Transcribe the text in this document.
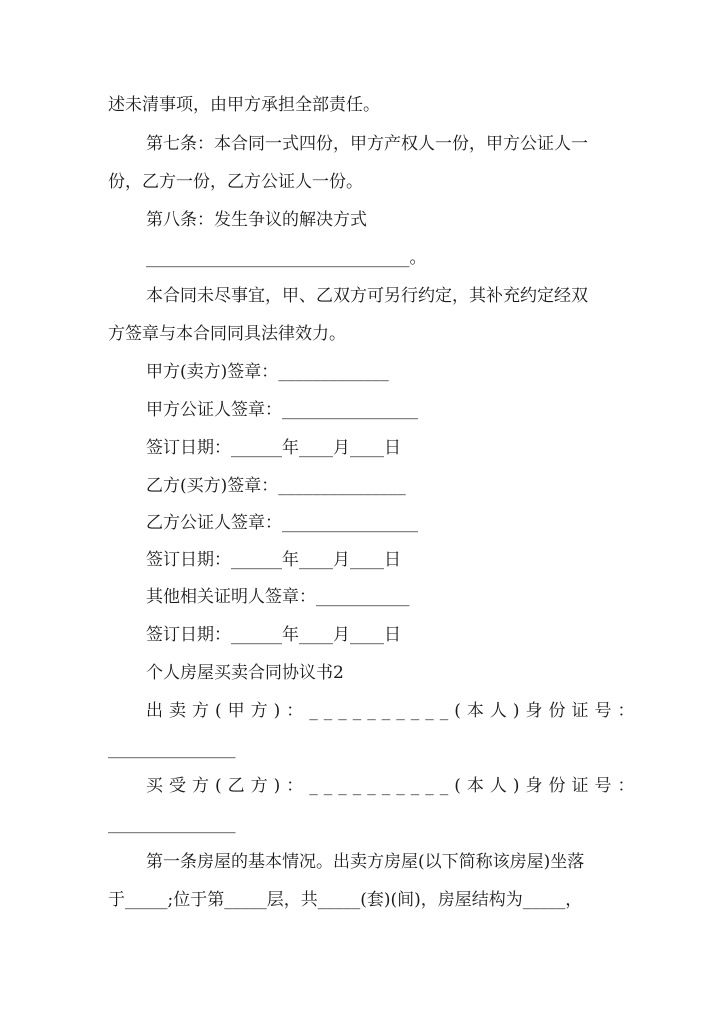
述未清事项，由甲方承担全部责任。
第七条：本合同一式四份，甲方产权人一份，甲方公证人一
份，乙方一份，乙方公证人一份。
第八条：发生争议的解决方式
_______________________________。
本合同未尽事宜，甲、乙双方可另行约定，其补充约定经双
方签章与本合同同具法律效力。
甲方(卖方)签章：_____________
甲方公证人签章：________________
签订日期：______年____月____日
乙方(买方)签章：_______________
乙方公证人签章：________________
签订日期：______年____月____日
其他相关证明人签章：___________
签订日期：______年____月____日
个人房屋买卖合同协议书2
出卖方(甲方)：__________(本人)身份证号：
_______________
买受方(乙方)：__________(本人)身份证号：
_______________
第一条房屋的基本情况。出卖方房屋(以下简称该房屋)坐落
于_____;位于第_____层，共_____(套)(间)，房屋结构为_____，
